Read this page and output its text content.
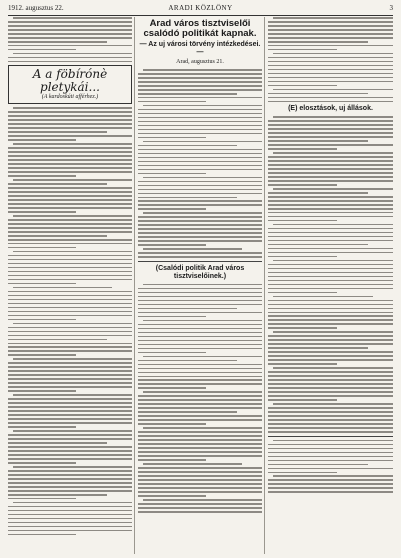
1912. augusztus 22.	ARADI KÖZLÖNY	3
A a föbírónè pletykái...
(A kardoskúti afférhez.)
Arad város tisztviselői csalódó politikát kapnak.
— Az uj városi törvény intézkedései. —
Arad, augusztus 21.
(Csalódi politik Arad város tisztviselőinek.)
(E) elosztások, uj állások.
